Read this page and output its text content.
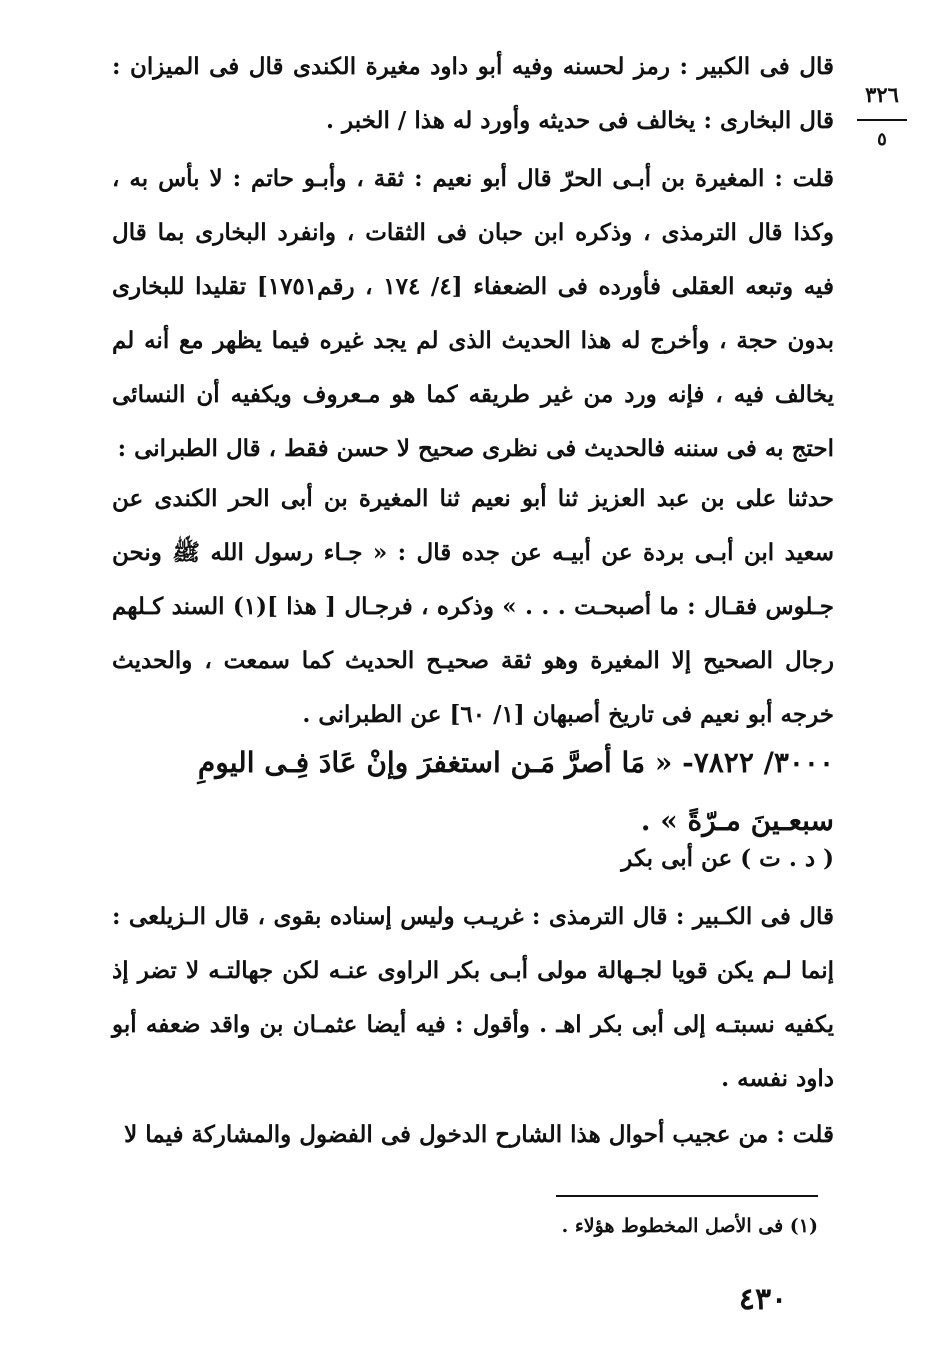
٣٢٦
٥
قال فى الكبير : رمز لحسنه وفيه أبو داود مغيرة الكندى قال فى الميزان : قال البخارى : يخالف فى حديثه وأورد له هذا / الخبر .
قلت : المغيرة بن أبـى الحرّ قال أبو نعيم : ثقة ، وأبـو حاتم : لا بأس به ، وكذا قال الترمذى ، وذكره ابن حبان فى الثقات ، وانفرد البخارى بما قال فيه وتبعه العقلى فأورده فى الضعفاء [٤/ ١٧٤ ، رقم١٧٥١] تقليدا للبخارى بدون حجة ، وأخرج له هذا الحديث الذى لم يجد غيره فيما يظهر مع أنه لم يخالف فيه ، فإنه ورد من غير طريقه كما هو مـعروف ويكفيه أن النسائى احتج به فى سننه فالحديث فى نظرى صحيح لا حسن فقط ، قال الطبرانى :
حدثنا على بن عبد العزيز ثنا أبو نعيم ثنا المغيرة بن أبى الحر الكندى عن سعيد ابن أبـى بردة عن أبيـه عن جده قال : « جـاء رسول الله ﷺ ونحن جـلوس فقـال : ما أصبحـت . . . » وذكره ، فرجـال [ هذا ](١) السند كـلهم رجال الصحيح إلا المغيرة وهو ثقة صحيـح الحديث كما سمعت ، والحديث خرجه أبو نعيم فى تاريخ أصبهان [١/ ٦٠] عن الطبرانى .
٣٠٠٠/ ٧٨٢٢- « مَا أصرَّ مَـن استغفرَ وإنْ عَادَ فِـى اليومِ سبعـينَ مـرّةً » .
( د . ت ) عن أبى بكر
قال فى الكـبير : قال الترمذى : غريـب وليس إسناده بقوى ، قال الـزيلعى : إنما لـم يكن قويا لجـهالة مولى أبـى بكر الراوى عنـه لكن جهالتـه لا تضر إذ يكفيه نسبتـه إلى أبى بكر اهـ . وأقول : فيه أيضا عثمـان بن واقد ضعفه أبو داود نفسه .
قلت : من عجيب أحوال هذا الشارح الدخول فى الفضول والمشاركة فيما لا
(١) فى الأصل المخطوط هؤلاء .
٤٣٠
